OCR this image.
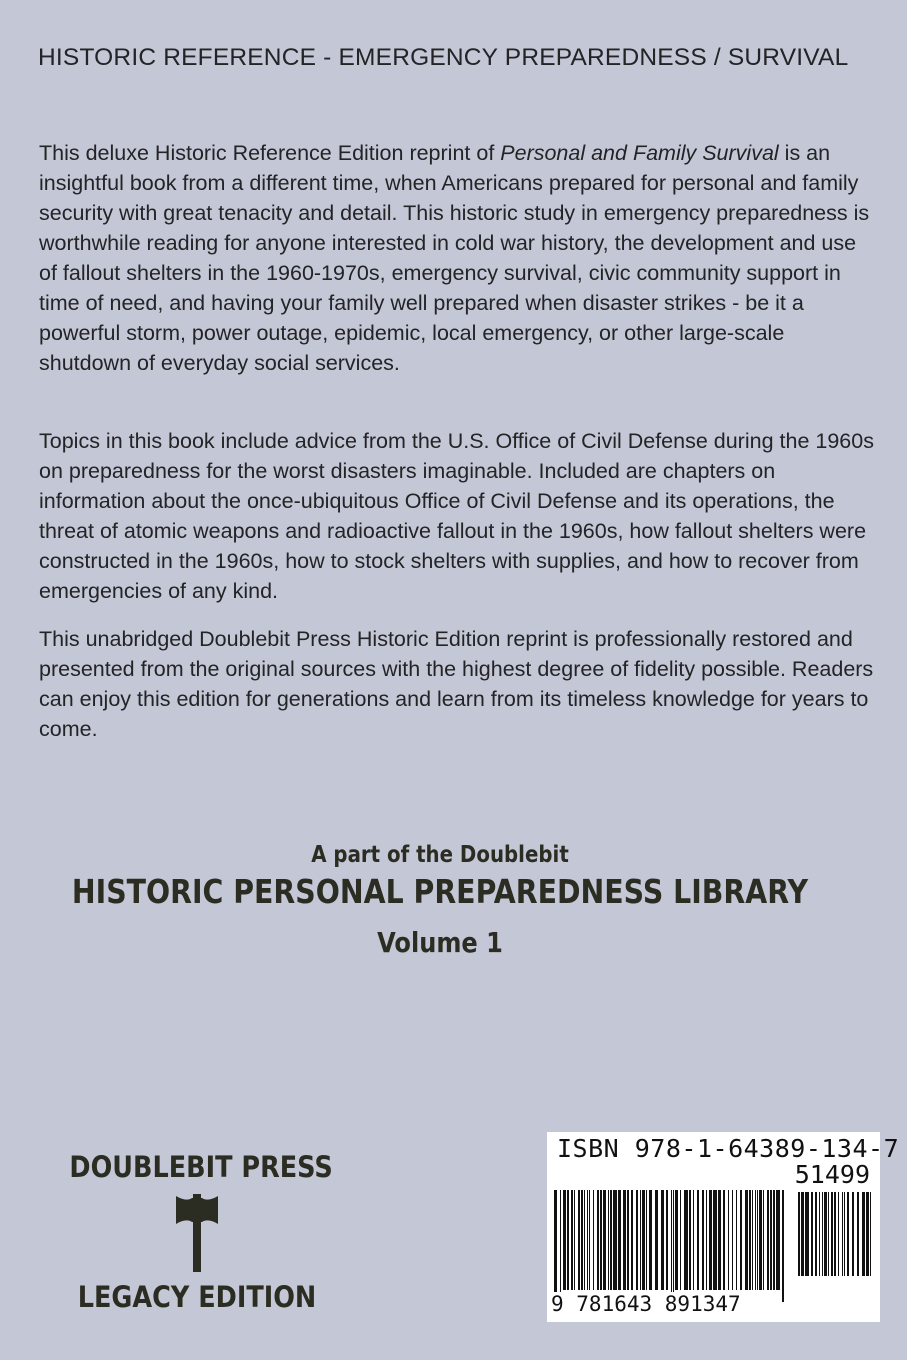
HISTORIC REFERENCE - EMERGENCY PREPAREDNESS / SURVIVAL

This deluxe Historic Reference Edition reprint of Personal and Family Survival is an insightful book from a different time, when Americans prepared for personal and family security with great tenacity and detail. This historic study in emergency preparedness is worthwhile reading for anyone interested in cold war history, the development and use of fallout shelters in the 1960-1970s, emergency survival, civic community support in time of need, and having your family well prepared when disaster strikes - be it a powerful storm, power outage, epidemic, local emergency, or other large-scale shutdown of everyday social services.

Topics in this book include advice from the U.S. Office of Civil Defense during the 1960s on preparedness for the worst disasters imaginable. Included are chapters on information about the once-ubiquitous Office of Civil Defense and its operations, the threat of atomic weapons and radioactive fallout in the 1960s, how fallout shelters were constructed in the 1960s, how to stock shelters with supplies, and how to recover from emergencies of any kind.

This unabridged Doublebit Press Historic Edition reprint is professionally restored and presented from the original sources with the highest degree of fidelity possible. Readers can enjoy this edition for generations and learn from its timeless knowledge for years to come.

A part of the Doublebit
HISTORIC PERSONAL PREPAREDNESS LIBRARY
Volume 1
DOUBLEBIT PRESS
LEGACY EDITION
ISBN 978-1-64389-134-7
51499
9 781643 891347
